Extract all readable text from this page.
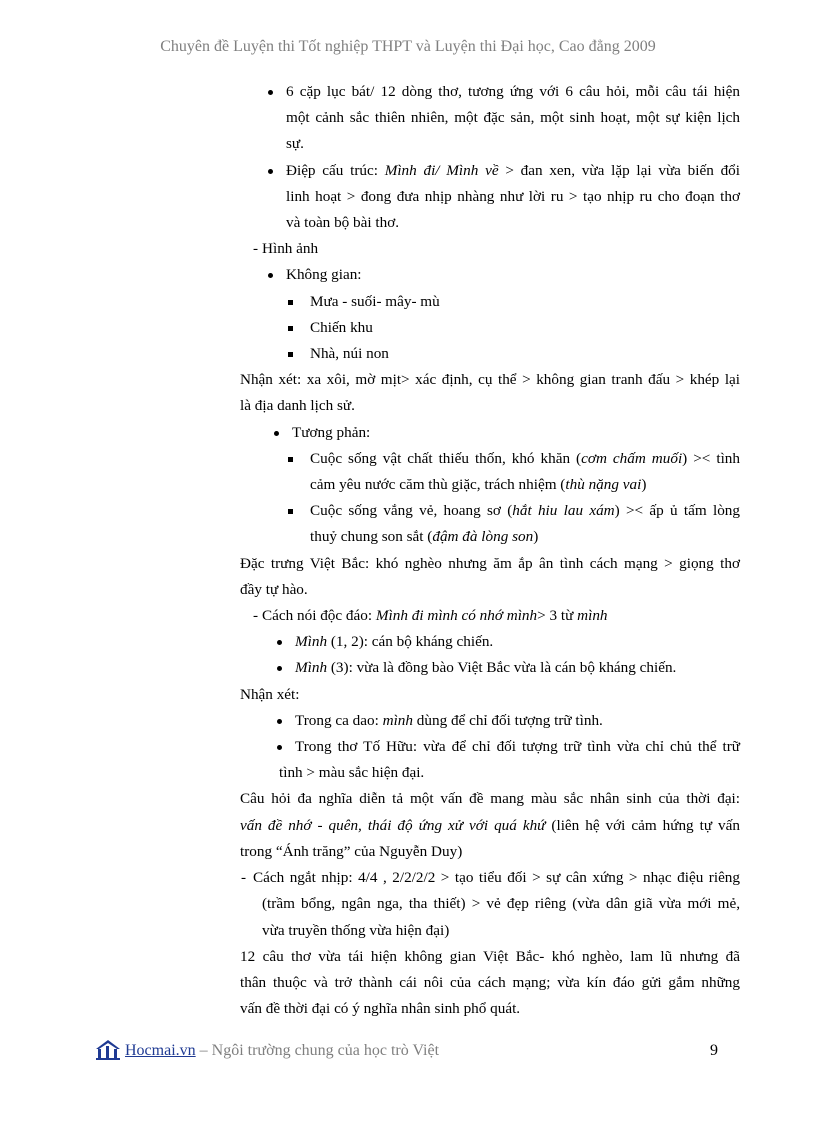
Chuyên đề Luyện thi Tốt nghiệp THPT và Luyện thi Đại học, Cao đẳng 2009
6 cặp lục bát/ 12 dòng thơ, tương ứng với 6 câu hỏi, mỗi câu tái hiện
một cảnh sắc thiên nhiên, một đặc sản, một sinh hoạt, một sự kiện lịch
sự.
Điệp cấu trúc: Mình đi/ Mình về > đan xen, vừa lặp lại vừa biến đổi
linh hoạt > đong đưa nhịp nhàng như lời ru > tạo nhịp ru cho đoạn thơ
và toàn bộ bài thơ.
- Hình ảnh
Không gian:
Mưa - suối- mây- mù
Chiến khu
Nhà, núi non
Nhận xét: xa xôi, mờ mịt> xác định, cụ thể > không gian tranh đấu > khép lại
là địa danh lịch sử.
Tương phản:
Cuộc sống vật chất thiếu thốn, khó khăn (cơm chấm muối) >< tình
cảm yêu nước căm thù giặc, trách nhiệm (thù nặng vai)
Cuộc sống vắng vẻ, hoang sơ (hắt hiu lau xám) >< ấp ủ tấm lòng
thuỷ chung son sắt (đậm đà lòng son)
Đặc trưng Việt Bắc: khó nghèo nhưng ăm ắp ân tình cách mạng > giọng thơ
đầy tự hào.
- Cách nói độc đáo: Mình đi mình có nhớ mình> 3 từ mình
Mình (1, 2): cán bộ kháng chiến.
Mình (3): vừa là đồng bào Việt Bắc vừa là cán bộ kháng chiến.
Nhận xét:
Trong ca dao: mình dùng để chỉ đối tượng trữ tình.
Trong thơ Tố Hữu: vừa để chỉ đối tượng trữ tình vừa chỉ chủ thể trữ
tình > màu sắc hiện đại.
Câu hỏi đa nghĩa diễn tả một vấn đề mang màu sắc nhân sinh của thời đại:
vấn đề nhớ - quên, thái độ ứng xử với quá khứ (liên hệ với cảm hứng tự vấn
trong “Ánh trăng” của Nguyễn Duy)
- Cách ngắt nhịp: 4/4 , 2/2/2/2 > tạo tiểu đối > sự cân xứng > nhạc điệu riêng
(trầm bổng, ngân nga, tha thiết) > vẻ đẹp riêng (vừa dân giã vừa mới mẻ,
vừa truyền thống vừa hiện đại)
12 câu thơ vừa tái hiện không gian Việt Bắc- khó nghèo, lam lũ nhưng đã
thân thuộc và trở thành cái nôi của cách mạng; vừa kín đáo gửi gắm những
vấn đề thời đại có ý nghĩa nhân sinh phổ quát.
Hocmai.vn – Ngôi trường chung của học trò Việt	9
